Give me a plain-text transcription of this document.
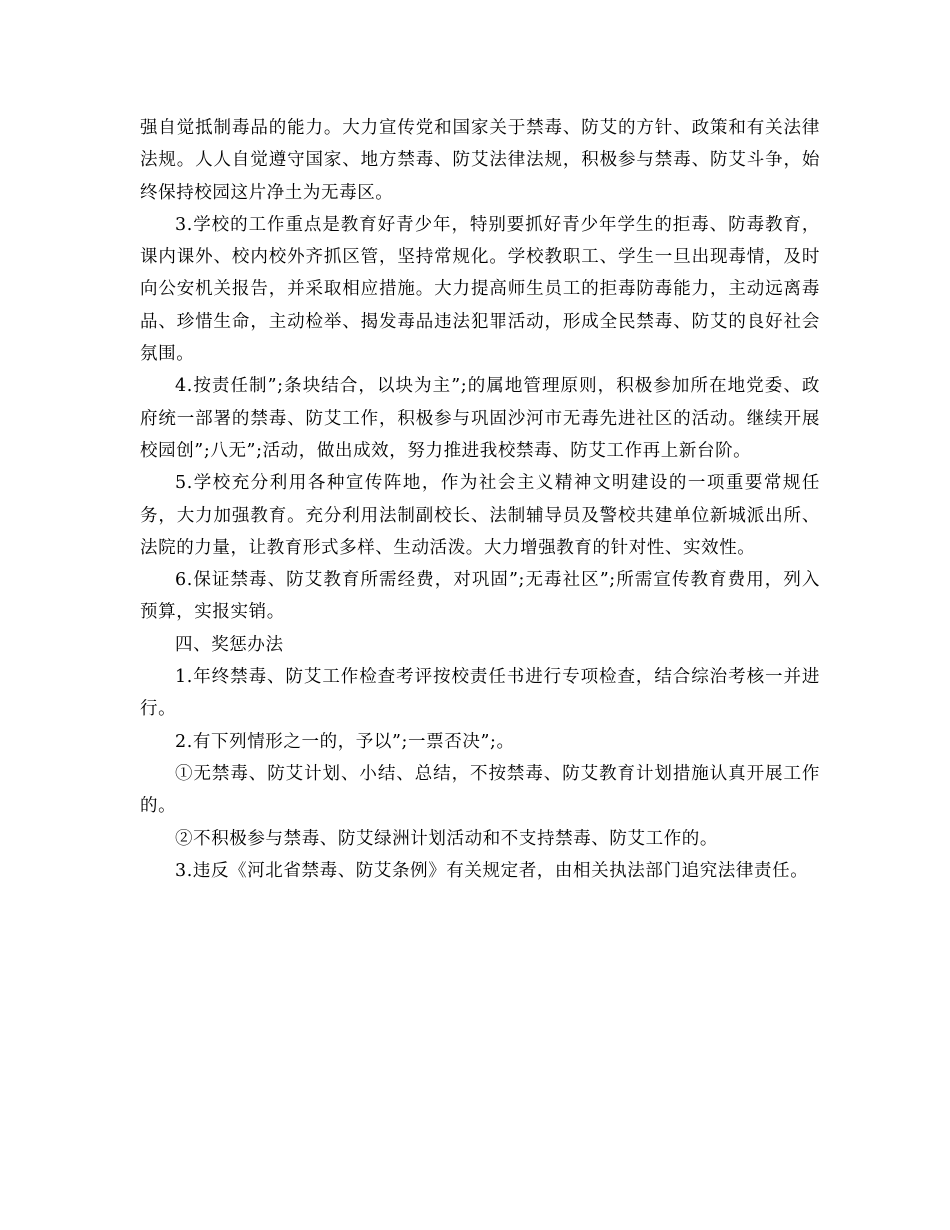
强自觉抵制毒品的能力。大力宣传党和国家关于禁毒、防艾的方针、政策和有关法律法规。人人自觉遵守国家、地方禁毒、防艾法律法规，积极参与禁毒、防艾斗争，始终保持校园这片净土为无毒区。

3.学校的工作重点是教育好青少年，特别要抓好青少年学生的拒毒、防毒教育，课内课外、校内校外齐抓区管，坚持常规化。学校教职工、学生一旦出现毒情，及时向公安机关报告，并采取相应措施。大力提高师生员工的拒毒防毒能力，主动远离毒品、珍惜生命，主动检举、揭发毒品违法犯罪活动，形成全民禁毒、防艾的良好社会氛围。

4.按责任制”;条块结合，以块为主”;的属地管理原则，积极参加所在地党委、政府统一部署的禁毒、防艾工作，积极参与巩固沙河市无毒先进社区的活动。继续开展校园创”;八无”;活动，做出成效，努力推进我校禁毒、防艾工作再上新台阶。

5.学校充分利用各种宣传阵地，作为社会主义精神文明建设的一项重要常规任务，大力加强教育。充分利用法制副校长、法制辅导员及警校共建单位新城派出所、法院的力量，让教育形式多样、生动活泼。大力增强教育的针对性、实效性。

6.保证禁毒、防艾教育所需经费，对巩固”;无毒社区”;所需宣传教育费用，列入预算，实报实销。

四、奖惩办法

1.年终禁毒、防艾工作检查考评按校责任书进行专项检查，结合综治考核一并进行。

2.有下列情形之一的，予以”;一票否决”;。

①无禁毒、防艾计划、小结、总结，不按禁毒、防艾教育计划措施认真开展工作的。

②不积极参与禁毒、防艾绿洲计划活动和不支持禁毒、防艾工作的。

3.违反《河北省禁毒、防艾条例》有关规定者，由相关执法部门追究法律责任。
